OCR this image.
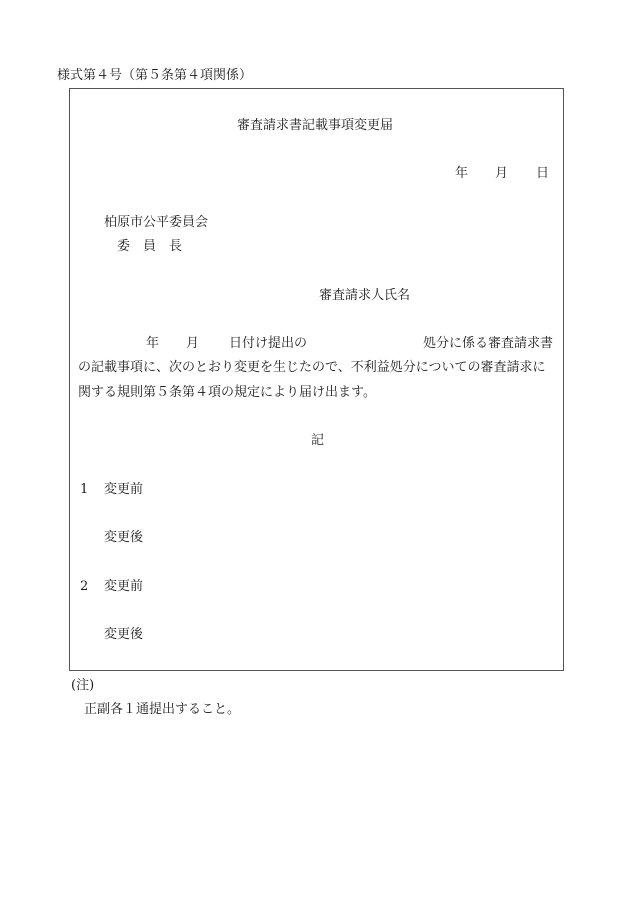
様式第４号（第５条第４項関係）
審査請求書記載事項変更届
年 月 日
柏原市公平委員会
委　員　長
審査請求人氏名
年 月 日付け提出の	処分に係る審査請求書
の記載事項に、次のとおり変更を生じたので、不利益処分についての審査請求に
関する規則第５条第４項の規定により届け出ます。
記
1 変更前
変更後
2 変更前
変更後
(注)
正副各１通提出すること。
